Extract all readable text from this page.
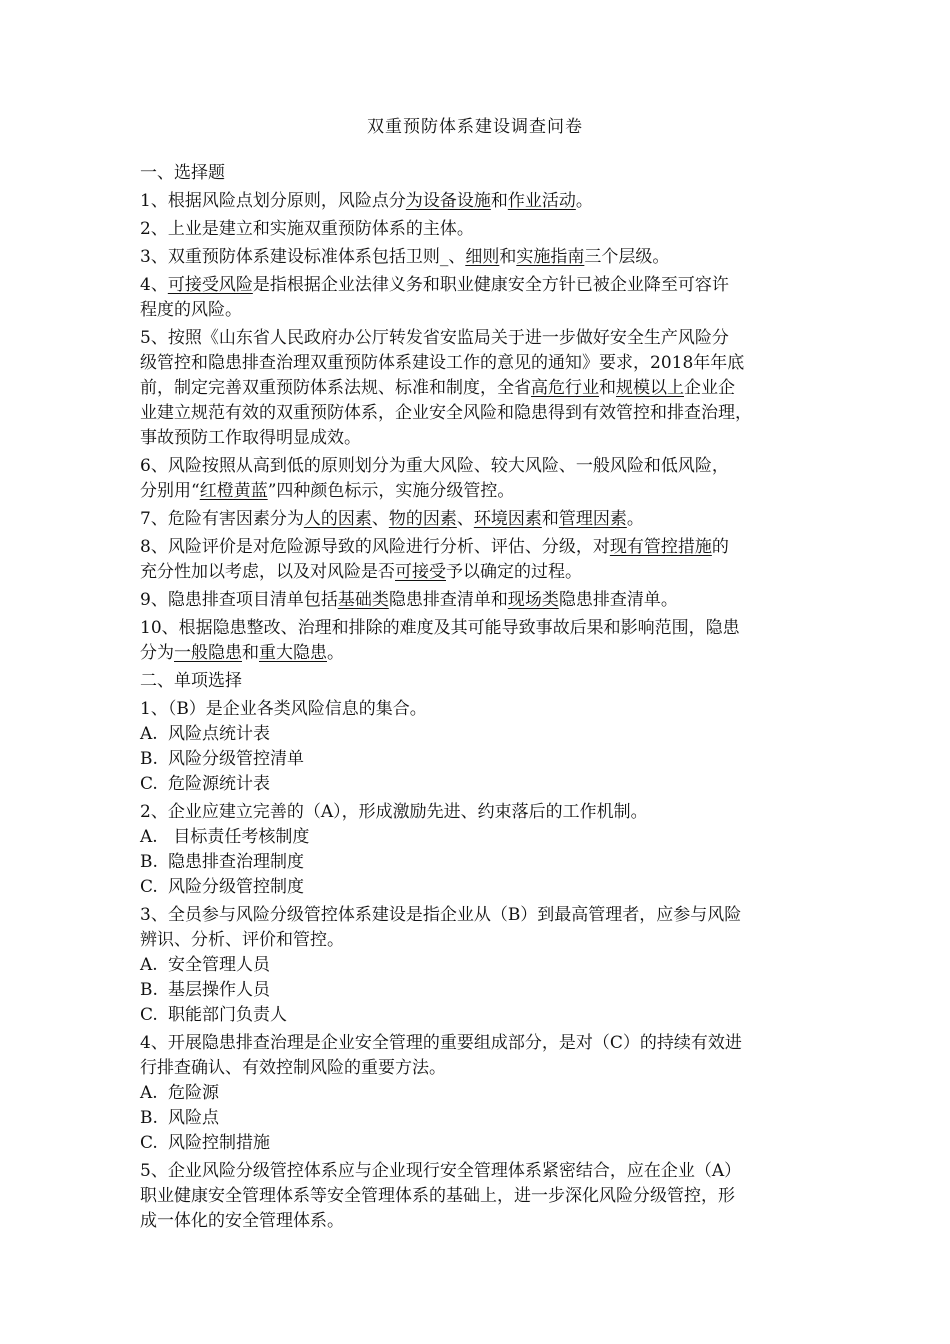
双重预防体系建设调查问卷
一、选择题
1、根据风险点划分原则，风险点分为设备设施和作业活动。
2、上业是建立和实施双重预防体系的主体。
3、双重预防体系建设标准体系包括卫则_、细则和实施指南三个层级。
4、可接受风险是指根据企业法律义务和职业健康安全方针已被企业降至可容许
程度的风险。
5、按照《山东省人民政府办公厅转发省安监局关于进一步做好安全生产风险分
级管控和隐患排查治理双重预防体系建设工作的意见的通知》要求，2018年年底
前，制定完善双重预防体系法规、标准和制度，全省高危行业和规模以上企业企
业建立规范有效的双重预防体系，企业安全风险和隐患得到有效管控和排查治理，
事故预防工作取得明显成效。
6、风险按照从高到低的原则划分为重大风险、较大风险、一般风险和低风险，
分别用“红橙黄蓝”四种颜色标示，实施分级管控。
7、危险有害因素分为人的因素、物的因素、环境因素和管理因素。
8、风险评价是对危险源导致的风险进行分析、评估、分级，对现有管控措施的
充分性加以考虑，以及对风险是否可接受予以确定的过程。
9、隐患排查项目清单包括基础类隐患排查清单和现场类隐患排查清单。
10、根据隐患整改、治理和排除的难度及其可能导致事故后果和影响范围，隐患
分为一般隐患和重大隐患。
二、单项选择
1、（B）是企业各类风险信息的集合。
A. 风险点统计表
B. 风险分级管控清单
C. 危险源统计表
2、企业应建立完善的（A），形成激励先进、约束落后的工作机制。
A. 目标责任考核制度
B. 隐患排查治理制度
C. 风险分级管控制度
3、全员参与风险分级管控体系建设是指企业从（B）到最高管理者，应参与风险
辨识、分析、评价和管控。
A. 安全管理人员
B. 基层操作人员
C. 职能部门负责人
4、开展隐患排查治理是企业安全管理的重要组成部分，是对（C）的持续有效进
行排查确认、有效控制风险的重要方法。
A. 危险源
B. 风险点
C. 风险控制措施
5、企业风险分级管控体系应与企业现行安全管理体系紧密结合，应在企业（A）
职业健康安全管理体系等安全管理体系的基础上，进一步深化风险分级管控，形
成一体化的安全管理体系。
